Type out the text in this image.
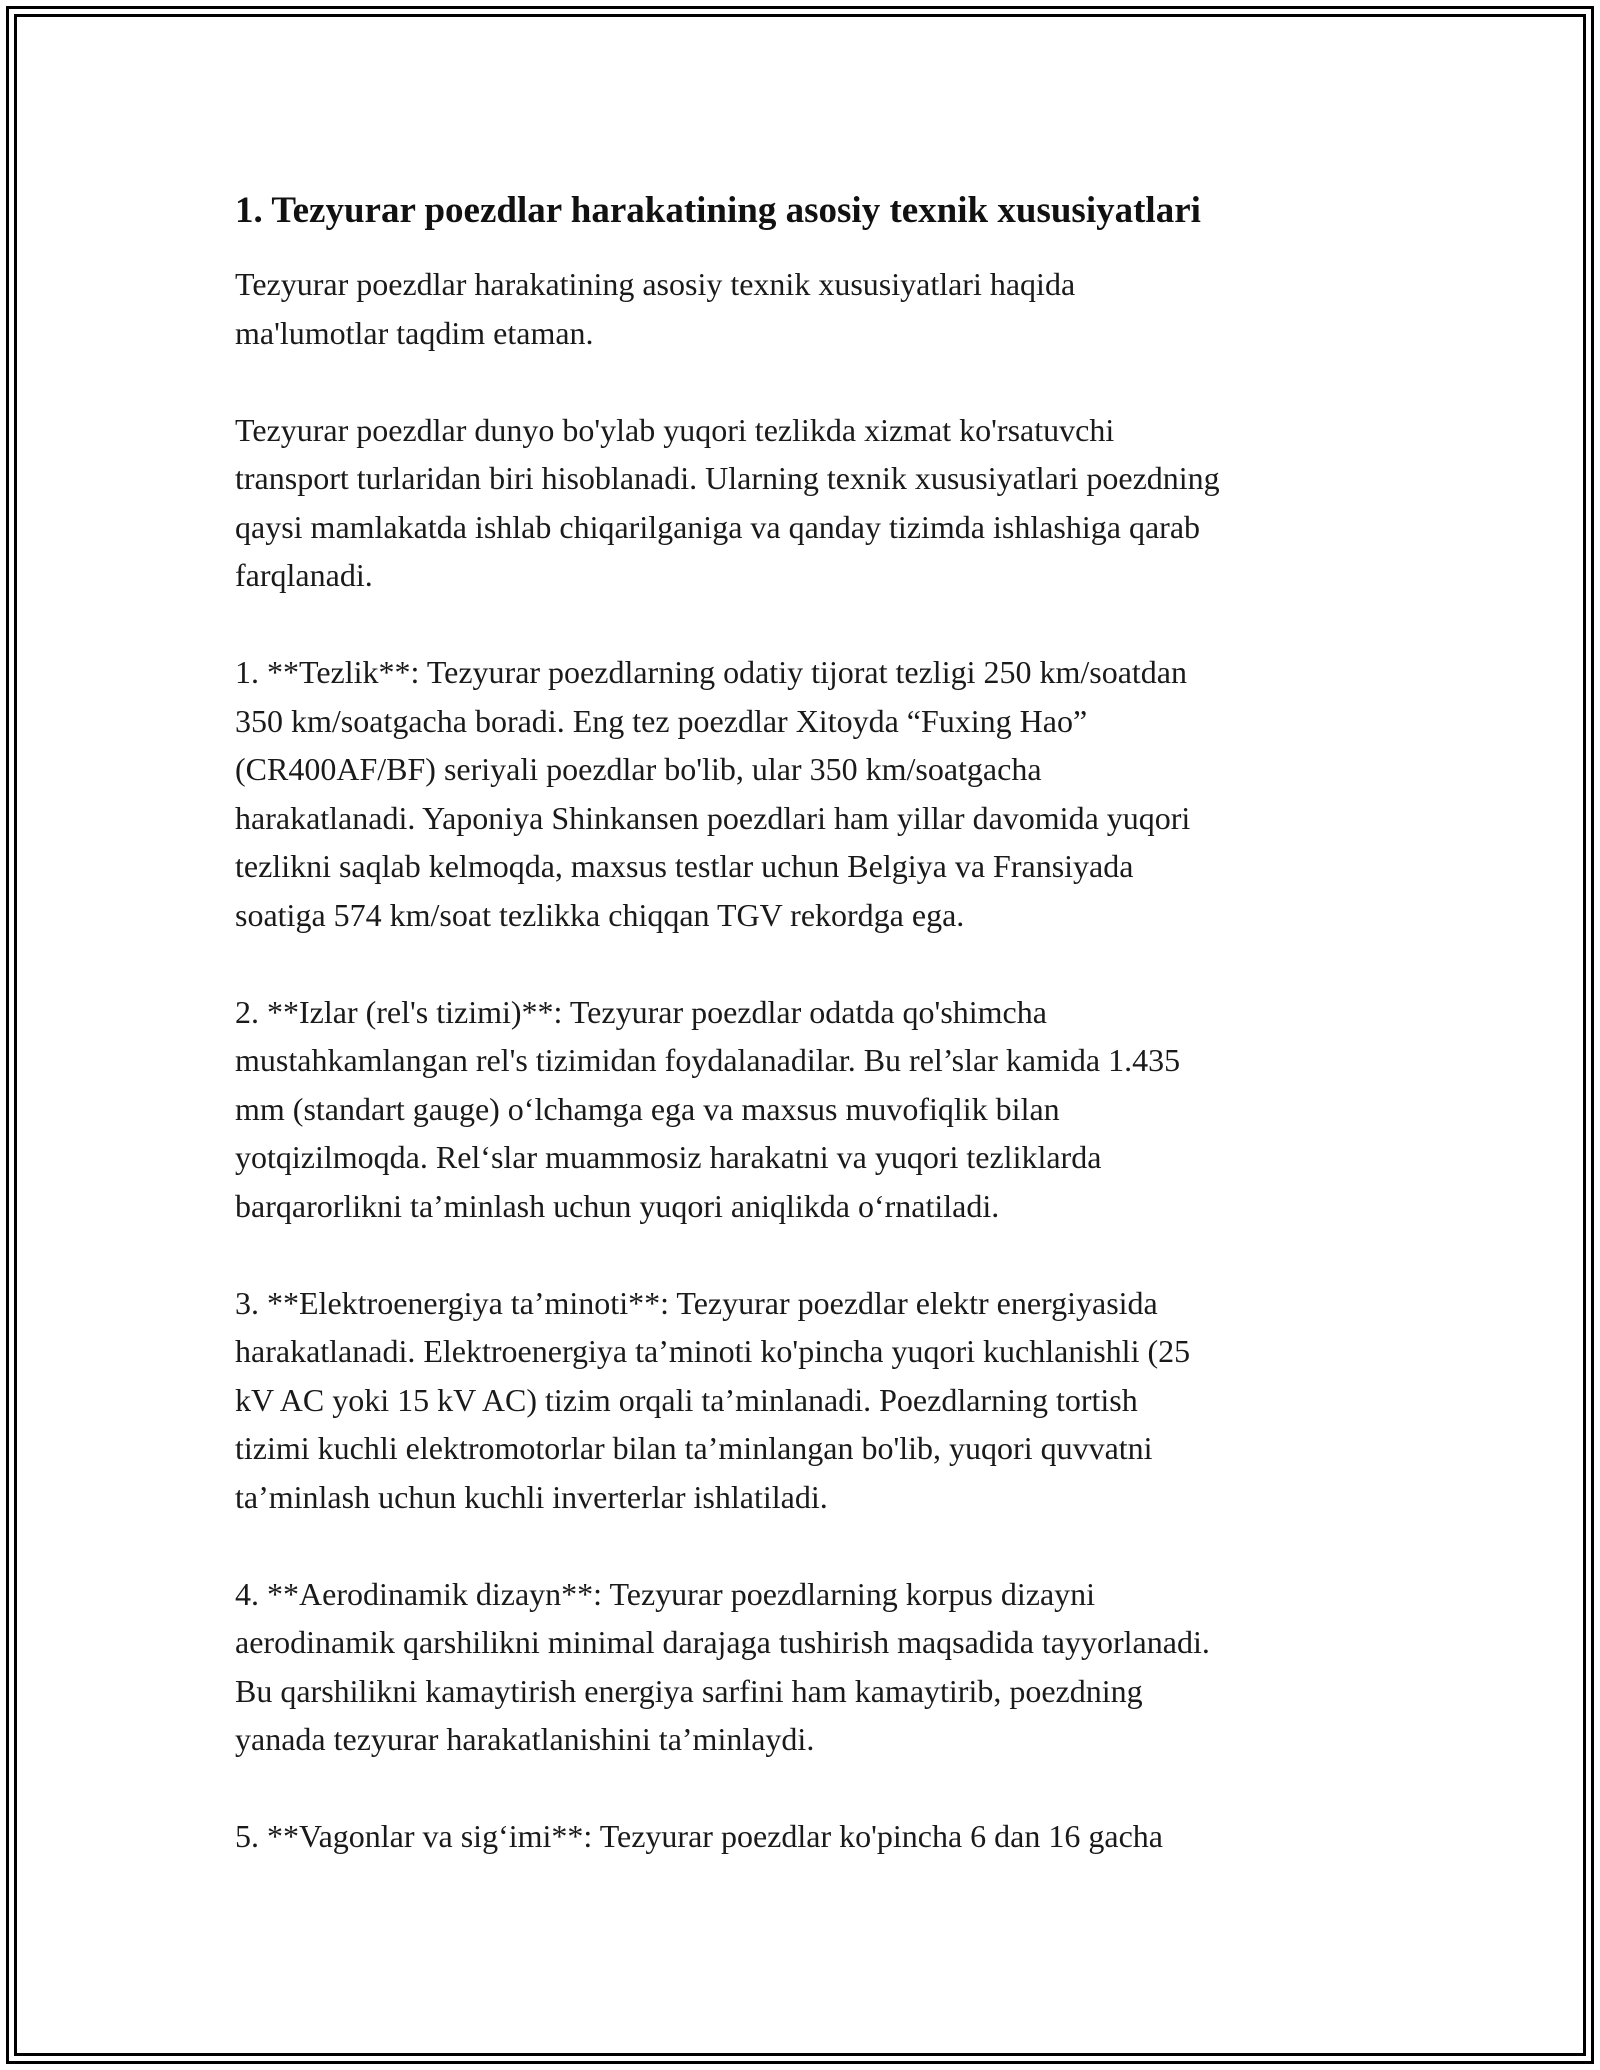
1. Tezyurar poezdlar harakatining asosiy texnik xususiyatlari

Tezyurar poezdlar harakatining asosiy texnik xususiyatlari haqida
ma'lumotlar taqdim etaman.

Tezyurar poezdlar dunyo bo'ylab yuqori tezlikda xizmat ko'rsatuvchi
transport turlaridan biri hisoblanadi. Ularning texnik xususiyatlari poezdning
qaysi mamlakatda ishlab chiqarilganiga va qanday tizimda ishlashiga qarab
farqlanadi.

1. **Tezlik**: Tezyurar poezdlarning odatiy tijorat tezligi 250 km/soatdan
350 km/soatgacha boradi. Eng tez poezdlar Xitoyda “Fuxing Hao”
(CR400AF/BF) seriyali poezdlar bo'lib, ular 350 km/soatgacha
harakatlanadi. Yaponiya Shinkansen poezdlari ham yillar davomida yuqori
tezlikni saqlab kelmoqda, maxsus testlar uchun Belgiya va Fransiyada
soatiga 574 km/soat tezlikka chiqqan TGV rekordga ega.

2. **Izlar (rel's tizimi)**: Tezyurar poezdlar odatda qo'shimcha
mustahkamlangan rel's tizimidan foydalanadilar. Bu rel’slar kamida 1.435
mm (standart gauge) o‘lchamga ega va maxsus muvofiqlik bilan
yotqizilmoqda. Rel‘slar muammosiz harakatni va yuqori tezliklarda
barqarorlikni ta’minlash uchun yuqori aniqlikda o‘rnatiladi.

3. **Elektroenergiya ta’minoti**: Tezyurar poezdlar elektr energiyasida
harakatlanadi. Elektroenergiya ta’minoti ko'pincha yuqori kuchlanishli (25
kV AC yoki 15 kV AC) tizim orqali ta’minlanadi. Poezdlarning tortish
tizimi kuchli elektromotorlar bilan ta’minlangan bo'lib, yuqori quvvatni
ta’minlash uchun kuchli inverterlar ishlatiladi.

4. **Aerodinamik dizayn**: Tezyurar poezdlarning korpus dizayni
aerodinamik qarshilikni minimal darajaga tushirish maqsadida tayyorlanadi.
Bu qarshilikni kamaytirish energiya sarfini ham kamaytirib, poezdning
yanada tezyurar harakatlanishini ta’minlaydi.

5. **Vagonlar va sig‘imi**: Tezyurar poezdlar ko'pincha 6 dan 16 gacha
